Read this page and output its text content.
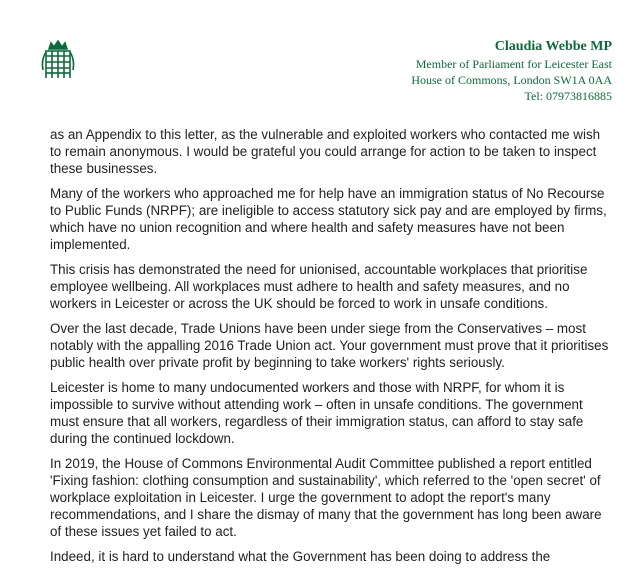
Claudia Webbe MP
Member of Parliament for Leicester East
House of Commons, London SW1A 0AA
Tel: 07973816885

as an Appendix to this letter, as the vulnerable and exploited workers who contacted me wish to remain anonymous. I would be grateful you could arrange for action to be taken to inspect these businesses.

Many of the workers who approached me for help have an immigration status of No Recourse to Public Funds (NRPF); are ineligible to access statutory sick pay and are employed by firms, which have no union recognition and where health and safety measures have not been implemented.

This crisis has demonstrated the need for unionised, accountable workplaces that prioritise employee wellbeing. All workplaces must adhere to health and safety measures, and no workers in Leicester or across the UK should be forced to work in unsafe conditions.

Over the last decade, Trade Unions have been under siege from the Conservatives – most notably with the appalling 2016 Trade Union act. Your government must prove that it prioritises public health over private profit by beginning to take workers' rights seriously.

Leicester is home to many undocumented workers and those with NRPF, for whom it is impossible to survive without attending work – often in unsafe conditions. The government must ensure that all workers, regardless of their immigration status, can afford to stay safe during the continued lockdown.

In 2019, the House of Commons Environmental Audit Committee published a report entitled 'Fixing fashion: clothing consumption and sustainability', which referred to the 'open secret' of workplace exploitation in Leicester. I urge the government to adopt the report's many recommendations, and I share the dismay of many that the government has long been aware of these issues yet failed to act.

Indeed, it is hard to understand what the Government has been doing to address the
